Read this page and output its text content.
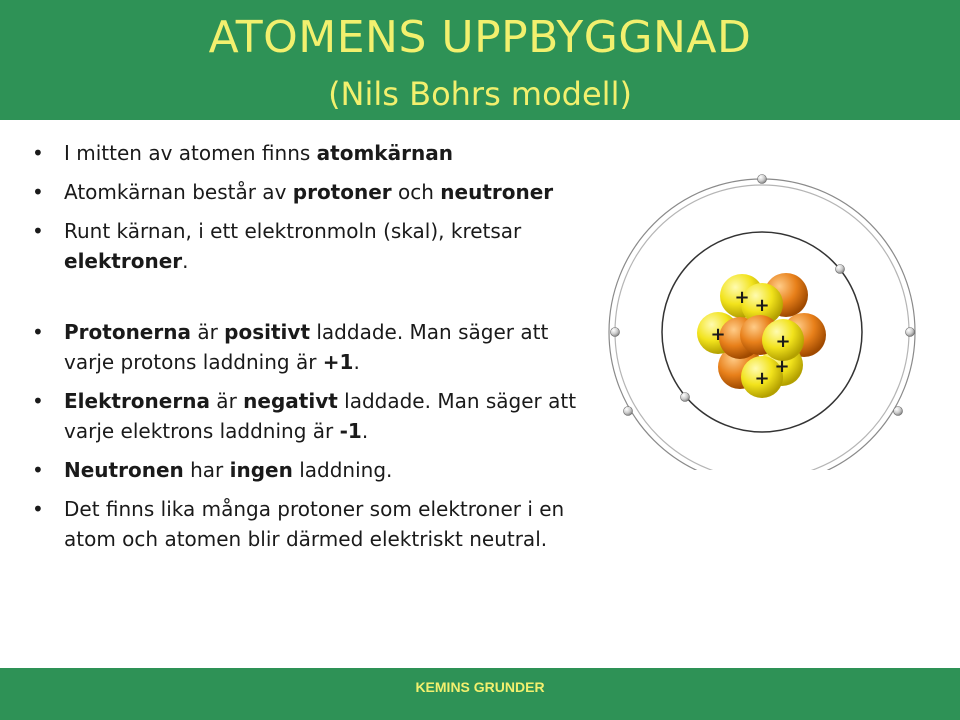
ATOMENS UPPBYGGNAD
(Nils Bohrs modell)
• I mitten av atomen finns atomkärnan
• Atomkärnan består av protoner och neutroner
• Runt kärnan, i ett elektronmoln (skal), kretsar elektroner.
• Protonerna är positivt laddade. Man säger att varje protons laddning är +1.
• Elektronerna är negativt laddade. Man säger att varje elektrons laddning är -1.
• Neutronen har ingen laddning.
• Det finns lika många protoner som elektroner i en atom och atomen blir därmed elektriskt neutral.
+ +
+	+
+
+
KEMINS GRUNDER
